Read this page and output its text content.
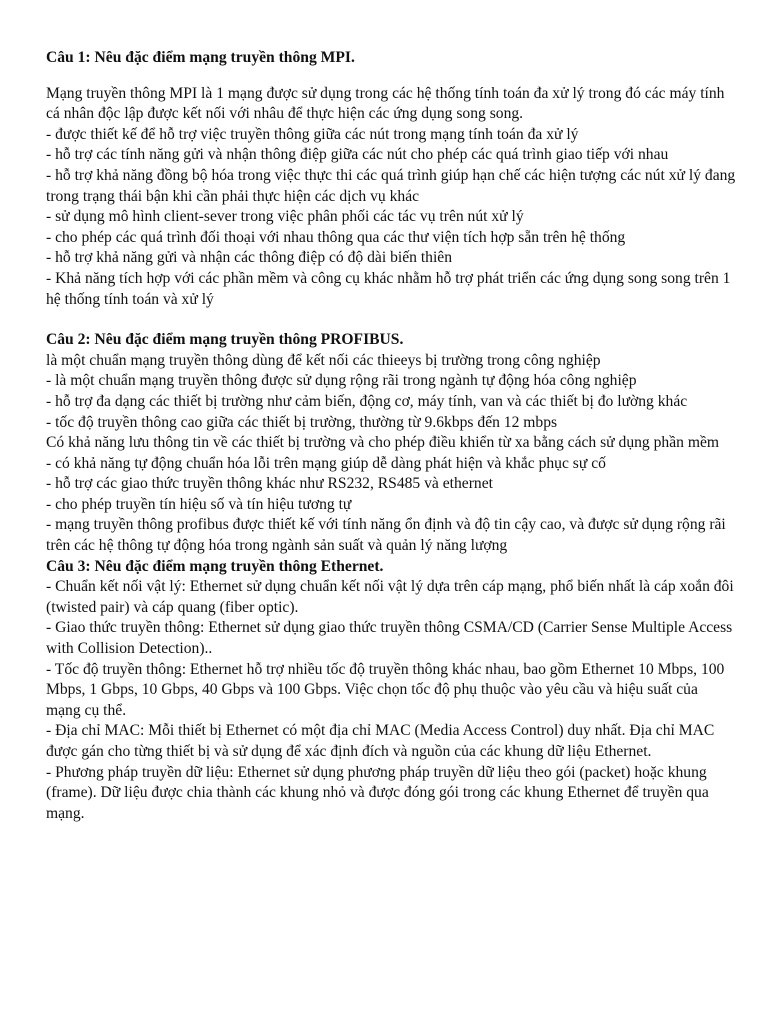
Câu 1: Nêu đặc điểm mạng truyền thông MPI.

Mạng truyền thông MPI là 1 mạng được sử dụng trong các hệ thống tính toán đa xử lý trong đó các máy tính cá nhân độc lập được kết nối với nhâu để thực hiện các ứng dụng song song.

- được thiết kế để hỗ trợ việc truyền thông giữa các nút trong mạng tính toán đa xử lý

- hỗ trợ các tính năng gửi và nhận thông điệp giữa các nút cho phép các quá trình giao tiếp với nhau

- hỗ trợ khả năng đồng bộ hóa trong việc thực thi các quá trình giúp hạn chế các hiện tượng các nút xử lý đang trong trạng thái bận khi cần phải thực hiện các dịch vụ khác

- sử dụng mô hình client-sever trong việc phân phối các tác vụ trên nút xử lý

- cho phép các quá trình đối thoại với nhau thông qua các thư viện tích hợp sẵn trên hệ thống

- hỗ trợ khả năng gửi và nhận các thông điệp có độ dài biến thiên

- Khả năng tích hợp với các phần mềm và công cụ khác nhằm hỗ trợ phát triển các ứng dụng song song trên 1 hệ thống tính toán và xử lý

Câu 2: Nêu đặc điểm mạng truyền thông PROFIBUS.

là một chuẩn mạng truyền thông dùng để kết nối các thieeys bị trường trong công nghiệp

- là một chuẩn mạng truyền thông được sử dụng rộng rãi trong ngành tự động hóa công nghiệp

- hỗ trợ đa dạng các thiết bị trường như cảm biến, động cơ, máy tính, van và các thiết bị đo lường khác

- tốc độ truyền thông cao giữa các thiết bị trường, thường từ 9.6kbps đến 12 mbps

Có khả năng lưu thông tin về các thiết bị trường và cho phép điều khiển từ xa bằng cách sử dụng phần mềm

- có khả năng tự động chuẩn hóa lỗi trên mạng giúp dễ dàng phát hiện và khắc phục sự cố

- hỗ trợ các giao thức truyền thông khác như RS232, RS485 và ethernet

- cho phép truyền tín hiệu số và tín hiệu tương tự

- mạng truyền thông profibus được thiết kế với tính năng ổn định và độ tin cậy cao, và được sử dụng rộng rãi trên các hệ thông tự động hóa trong ngành sản suất và quản lý năng lượng

Câu 3: Nêu đặc điểm mạng truyền thông Ethernet.

- Chuẩn kết nối vật lý: Ethernet sử dụng chuẩn kết nối vật lý dựa trên cáp mạng, phổ biến nhất là cáp xoắn đôi (twisted pair) và cáp quang (fiber optic).

- Giao thức truyền thông: Ethernet sử dụng giao thức truyền thông CSMA/CD (Carrier Sense Multiple Access with Collision Detection)..

- Tốc độ truyền thông: Ethernet hỗ trợ nhiều tốc độ truyền thông khác nhau, bao gồm Ethernet 10 Mbps, 100 Mbps, 1 Gbps, 10 Gbps, 40 Gbps và 100 Gbps. Việc chọn tốc độ phụ thuộc vào yêu cầu và hiệu suất của mạng cụ thể.

- Địa chỉ MAC: Mỗi thiết bị Ethernet có một địa chỉ MAC (Media Access Control) duy nhất. Địa chỉ MAC được gán cho từng thiết bị và sử dụng để xác định đích và nguồn của các khung dữ liệu Ethernet.

- Phương pháp truyền dữ liệu: Ethernet sử dụng phương pháp truyền dữ liệu theo gói (packet) hoặc khung (frame). Dữ liệu được chia thành các khung nhỏ và được đóng gói trong các khung Ethernet để truyền qua mạng.
